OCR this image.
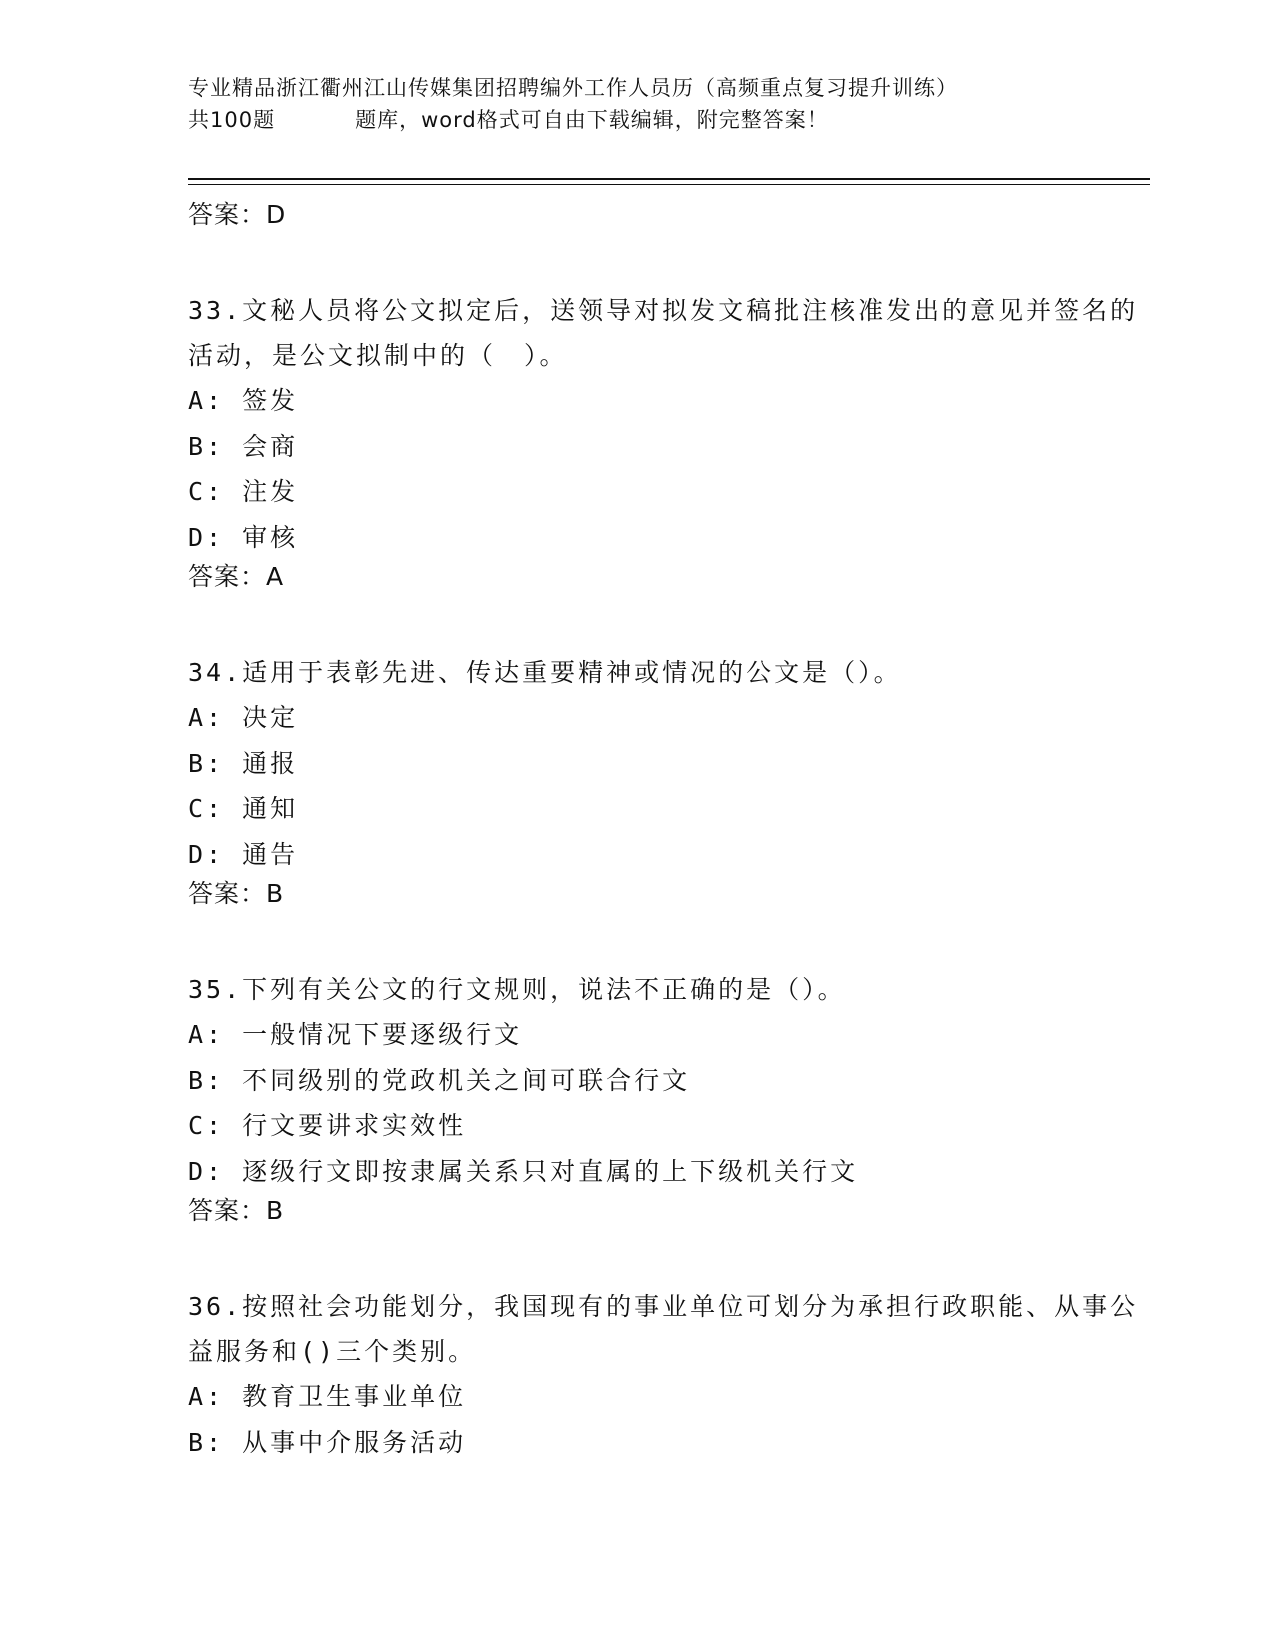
专业精品浙江衢州江山传媒集团招聘编外工作人员历（高频重点复习提升训练）
共100题	题库，word格式可自由下载编辑，附完整答案！
答案：D
33.文秘人员将公文拟定后，送领导对拟发文稿批注核准发出的意见并签名的活动，是公文拟制中的（　）。
A: 签发
B: 会商
C: 注发
D: 审核
答案：A
34.适用于表彰先进、传达重要精神或情况的公文是（）。
A: 决定
B: 通报
C: 通知
D: 通告
答案：B
35.下列有关公文的行文规则，说法不正确的是（）。
A: 一般情况下要逐级行文
B: 不同级别的党政机关之间可联合行文
C: 行文要讲求实效性
D: 逐级行文即按隶属关系只对直属的上下级机关行文
答案：B
36.按照社会功能划分，我国现有的事业单位可划分为承担行政职能、从事公益服务和()三个类别。
A: 教育卫生事业单位
B: 从事中介服务活动
